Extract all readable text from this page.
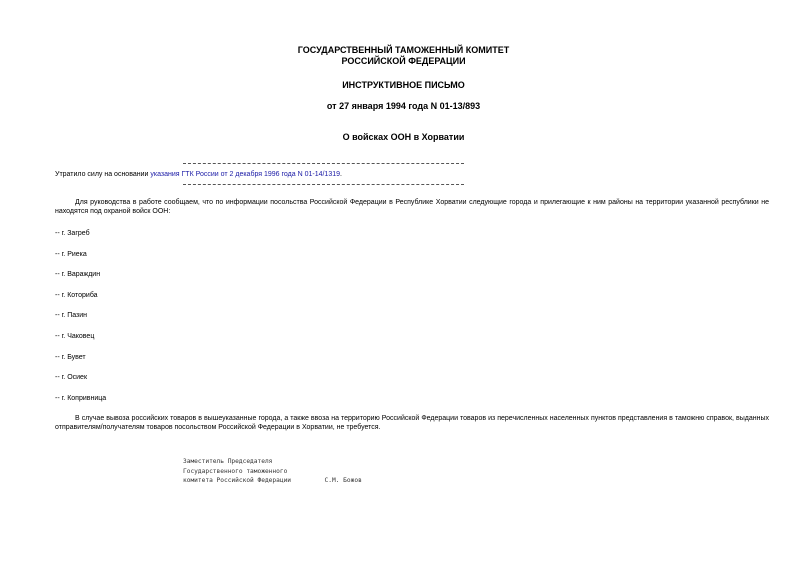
ГОСУДАРСТВЕННЫЙ ТАМОЖЕННЫЙ КОМИТЕТ
РОССИЙСКОЙ ФЕДЕРАЦИИ
ИНСТРУКТИВНОЕ ПИСЬМО
от 27 января 1994 года N 01-13/893
О войсках ООН в Хорватии
Утратило силу на основании указания ГТК России от 2 декабря 1996 года N 01-14/1319.
Для руководства в работе сообщаем, что по информации посольства Российской Федерации в Республике Хорватии следующие города и прилегающие к ним районы на территории указанной республики не находятся под охраной войск ООН:
-- г. Загреб
-- г. Риека
-- г. Вараждин
-- г. Коториба
-- г. Пазин
-- г. Чаковец
-- г. Бувет
-- г. Осиек
-- г. Копривница
В случае вывоза российских товаров в вышеуказанные города, а также ввоза на территорию Российской Федерации товаров из перечисленных населенных пунктов представления в таможню справок, выданных отправителям/получателям товаров посольством Российской Федерации в Хорватии, не требуется.
Заместитель Председателя
Государственного таможенного
комитета Российской Федерации         С.М. Божов
